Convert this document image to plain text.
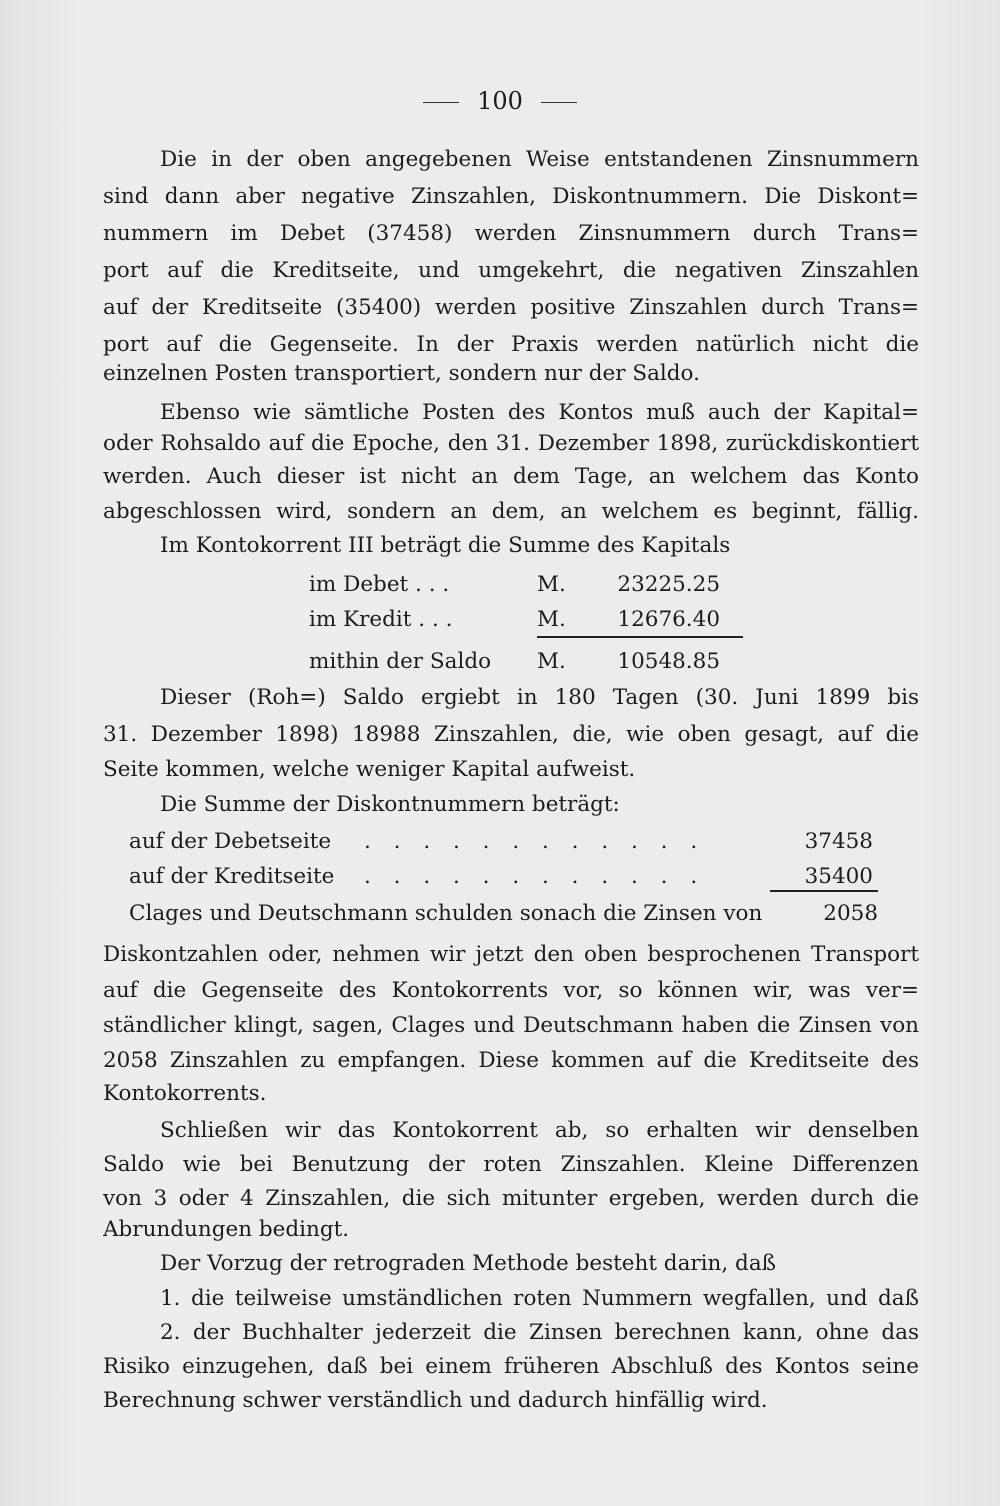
100
Die in der oben angegebenen Weise entstandenen Zinsnummern
sind dann aber negative Zinszahlen, Diskontnummern. Die Diskont=
nummern im Debet (37458) werden Zinsnummern durch Trans=
port auf die Kreditseite, und umgekehrt, die negativen Zinszahlen
auf der Kreditseite (35400) werden positive Zinszahlen durch Trans=
port auf die Gegenseite. In der Praxis werden natürlich nicht die
einzelnen Posten transportiert, sondern nur der Saldo.
Ebenso wie sämtliche Posten des Kontos muß auch der Kapital=
oder Rohsaldo auf die Epoche, den 31. Dezember 1898, zurückdiskontiert
werden. Auch dieser ist nicht an dem Tage, an welchem das Konto
abgeschlossen wird, sondern an dem, an welchem es beginnt, fällig.
Im Kontokorrent III beträgt die Summe des Kapitals
im Debet . . .	M.	23225.25
im Kredit . . .	M.	12676.40
mithin der Saldo	M.	10548.85
Dieser (Roh=) Saldo ergiebt in 180 Tagen (30. Juni 1899 bis
31. Dezember 1898) 18988 Zinszahlen, die, wie oben gesagt, auf die
Seite kommen, welche weniger Kapital aufweist.
Die Summe der Diskontnummern beträgt:
auf der Debetseite . . . . . . . . . . . .	37458
auf der Kreditseite . . . . . . . . . . . .	35400
Clages und Deutschmann schulden sonach die Zinsen von	2058
Diskontzahlen oder, nehmen wir jetzt den oben besprochenen Transport
auf die Gegenseite des Kontokorrents vor, so können wir, was ver=
ständlicher klingt, sagen, Clages und Deutschmann haben die Zinsen von
2058 Zinszahlen zu empfangen. Diese kommen auf die Kreditseite des
Kontokorrents.
Schließen wir das Kontokorrent ab, so erhalten wir denselben
Saldo wie bei Benutzung der roten Zinszahlen. Kleine Differenzen
von 3 oder 4 Zinszahlen, die sich mitunter ergeben, werden durch die
Abrundungen bedingt.
Der Vorzug der retrograden Methode besteht darin, daß
1. die teilweise umständlichen roten Nummern wegfallen, und daß
2. der Buchhalter jederzeit die Zinsen berechnen kann, ohne das
Risiko einzugehen, daß bei einem früheren Abschluß des Kontos seine
Berechnung schwer verständlich und dadurch hinfällig wird.
